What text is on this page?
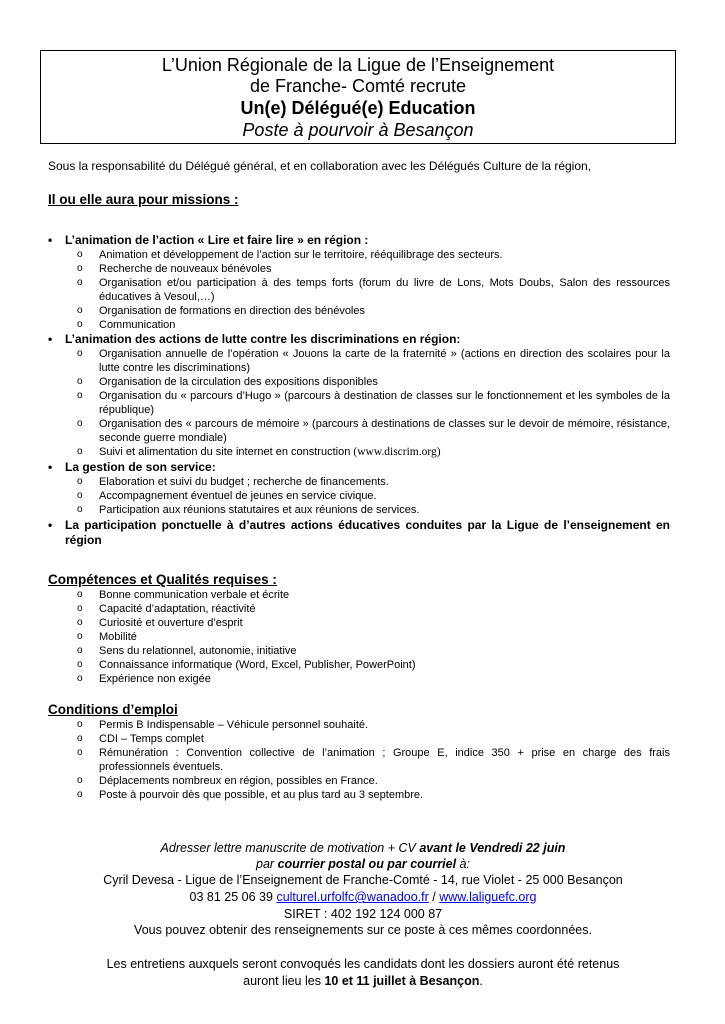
L’Union Régionale de la Ligue de l’Enseignement
de Franche- Comté recrute
Un(e) Délégué(e) Education
Poste à pourvoir à Besançon
Sous la responsabilité du Délégué général, et en collaboration avec les Délégués Culture de la région,
Il ou elle aura pour missions :
• L’animation de l’action « Lire et faire lire » en région :
o Animation et développement de l’action sur le territoire, rééquilibrage des secteurs.
o Recherche de nouveaux bénévoles
o Organisation et/ou participation à des temps forts (forum du livre de Lons, Mots Doubs, Salon des ressources éducatives à Vesoul,…)
o Organisation de formations en direction des bénévoles
o Communication
• L’animation des actions de lutte contre les discriminations en région:
o Organisation annuelle de l’opération « Jouons la carte de la fraternité » (actions en direction des scolaires pour la lutte contre les discriminations)
o Organisation de la circulation des expositions disponibles
o Organisation du « parcours d’Hugo » (parcours à destination de classes sur le fonctionnement et les symboles de la république)
o Organisation des « parcours de mémoire » (parcours à destinations de classes sur le devoir de mémoire, résistance, seconde guerre mondiale)
o Suivi et alimentation du site internet en construction (www.discrim.org)
• La gestion de son service:
o Elaboration et suivi du budget ; recherche de financements.
o Accompagnement éventuel de jeunes en service civique.
o Participation aux réunions statutaires et aux réunions de services.
• La participation ponctuelle à d’autres actions éducatives conduites par la Ligue de l’enseignement en région
Compétences et Qualités requises :
o Bonne communication verbale et écrite
o Capacité d’adaptation, réactivité
o Curiosité et ouverture d’esprit
o Mobilité
o Sens du relationnel, autonomie, initiative
o Connaissance informatique (Word, Excel, Publisher, PowerPoint)
o Expérience non exigée
Conditions d’emploi
o Permis B Indispensable – Véhicule personnel souhaité.
o CDI – Temps complet
o Rémunération : Convention collective de l’animation ; Groupe E, indice 350 + prise en charge des frais professionnels éventuels.
o Déplacements nombreux en région, possibles en France.
o Poste à pourvoir dès que possible, et au plus tard au 3 septembre.
Adresser lettre manuscrite de motivation + CV avant le Vendredi 22 juin
par courrier postal ou par courriel à:
Cyril Devesa - Ligue de l’Enseignement de Franche-Comté - 14, rue Violet - 25 000 Besançon
03 81 25 06 39 culturel.urfolfc@wanadoo.fr / www.laliguefc.org
SIRET : 402 192 124 000 87
Vous pouvez obtenir des renseignements sur ce poste à ces mêmes coordonnées.
Les entretiens auxquels seront convoqués les candidats dont les dossiers auront été retenus
auront lieu les 10 et 11 juillet à Besançon.
